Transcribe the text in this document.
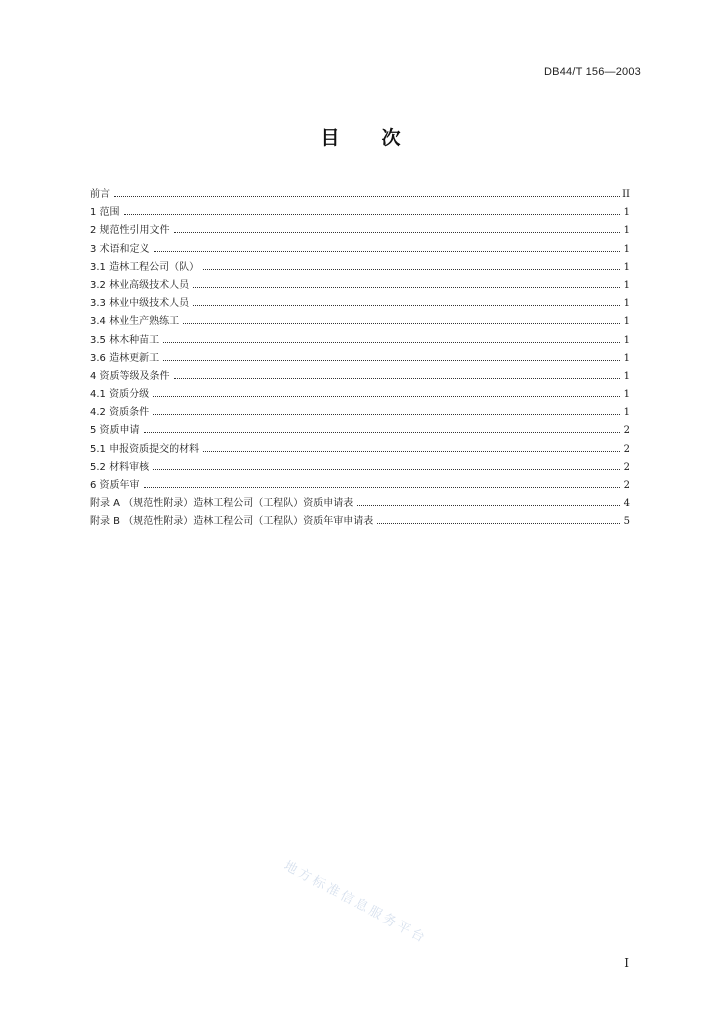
DB44/T 156—2003
目 次
前言	II
1 范围	1
2 规范性引用文件	1
3 术语和定义	1
3.1 造林工程公司（队）	1
3.2 林业高级技术人员	1
3.3 林业中级技术人员	1
3.4 林业生产熟练工	1
3.5 林木种苗工	1
3.6 造林更新工	1
4 资质等级及条件	1
4.1 资质分级	1
4.2 资质条件	1
5 资质申请	2
5.1 申报资质提交的材料	2
5.2 材料审核	2
6 资质年审	2
附录 A （规范性附录）造林工程公司（工程队）资质申请表	4
附录 B （规范性附录）造林工程公司（工程队）资质年审申请表	5
地方标准信息服务平台
I
